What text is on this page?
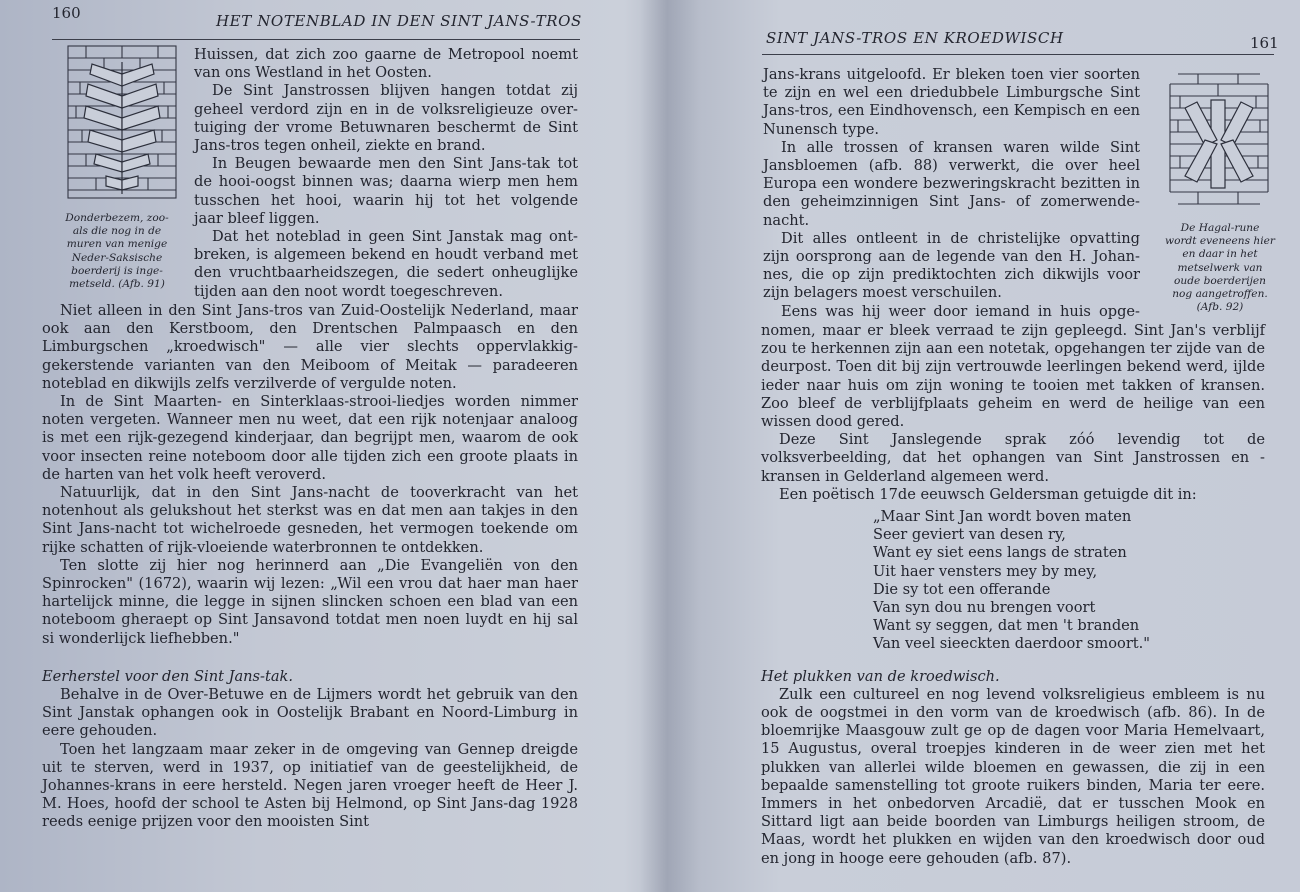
160	HET NOTENBLAD IN DEN SINT JANS-TROS
Donderbezem, zoo-
als die nog in de
muren van menige
Neder-Saksische
boerderij is inge-
metseld. (Afb. 91)

Huissen, dat zich zoo gaarne de Metropool noemt

van ons Westland in het Oosten.

De Sint Janstrossen blijven hangen totdat zij

geheel verdord zijn en in de volksreligieuze over-

tuiging der vrome Betuwnaren beschermt de Sint

Jans-tros tegen onheil, ziekte en brand.

In Beugen bewaarde men den Sint Jans-tak tot

de hooi-oogst binnen was; daarna wierp men hem

tusschen het hooi, waarin hij tot het volgende

jaar bleef liggen.

Dat het noteblad in geen Sint Janstak mag ont-

breken, is algemeen bekend en houdt verband met

den vruchtbaarheidszegen, die sedert onheuglijke

tijden aan den noot wordt toegeschreven.

Niet alleen in den Sint Jans-tros van Zuid-Oostelijk Nederland, maar ook aan den Kerstboom, den Drentschen Palmpaasch en den Limburgschen „kroedwisch" — alle vier slechts oppervlakkig-gekerstende varianten van den Meiboom of Meitak — paradeeren noteblad en dikwijls zelfs verzilverde of vergulde noten.

In de Sint Maarten- en Sinterklaas-strooi-liedjes worden nimmer noten vergeten. Wanneer men nu weet, dat een rijk notenjaar analoog is met een rijk-gezegend kinderjaar, dan begrijpt men, waarom de ook voor insecten reine noteboom door alle tijden zich een groote plaats in de harten van het volk heeft veroverd.

Natuurlijk, dat in den Sint Jans-nacht de tooverkracht van het notenhout als gelukshout het sterkst was en dat men aan takjes in den Sint Jans-nacht tot wichelroede gesneden, het vermogen toekende om rijke schatten of rijk-vloeiende waterbronnen te ontdekken.

Ten slotte zij hier nog herinnerd aan „Die Evangeliën von den Spinrocken" (1672), waarin wij lezen: „Wil een vrou dat haer man haer hartelijck minne, die legge in sijnen slincken schoen een blad van een noteboom gheraept op Sint Jansavond totdat men noen luydt en hij sal si wonderlijck liefhebben."

Eerherstel voor den Sint Jans-tak.

Behalve in de Over-Betuwe en de Lijmers wordt het gebruik van den Sint Janstak ophangen ook in Oostelijk Brabant en Noord-Limburg in eere gehouden.

Toen het langzaam maar zeker in de omgeving van Gennep dreigde uit te sterven, werd in 1937, op initiatief van de geestelijkheid, de Johannes-krans in eere hersteld. Negen jaren vroeger heeft de Heer J. M. Hoes, hoofd der school te Asten bij Helmond, op Sint Jans-dag 1928 reeds eenige prijzen voor den mooisten Sint

SINT JANS-TROS EN KROEDWISCH	161
De Hagal-rune
wordt eveneens hier
en daar in het
metselwerk van
oude boerderijen
nog aangetroffen.
(Afb. 92)

Jans-krans uitgeloofd. Er bleken toen vier soorten

te zijn en wel een driedubbele Limburgsche Sint

Jans-tros, een Eindhovensch, een Kempisch en een

Nunensch type.

In alle trossen of kransen waren wilde Sint

Jansbloemen (afb. 88) verwerkt, die over heel

Europa een wondere bezweringskracht bezitten in

den geheimzinnigen Sint Jans- of zomerwende-

nacht.

Dit alles ontleent in de christelijke opvatting

zijn oorsprong aan de legende van den H. Johan-

nes, die op zijn prediktochten zich dikwijls voor

zijn belagers moest verschuilen.

Eens was hij weer door iemand in huis opge-

nomen, maar er bleek verraad te zijn gepleegd. Sint Jan's verblijf zou te herkennen zijn aan een notetak, opgehangen ter zijde van de deurpost. Toen dit bij zijn vertrouwde leerlingen bekend werd, ijlde ieder naar huis om zijn woning te tooien met takken of kransen. Zoo bleef de verblijfplaats geheim en werd de heilige van een wissen dood gered.

Deze Sint Janslegende sprak zóó levendig tot de volksverbeelding, dat het ophangen van Sint Janstrossen en -kransen in Gelderland algemeen werd.

Een poëtisch 17de eeuwsch Geldersman getuigde dit in:

„Maar Sint Jan wordt boven maten
Seer geviert van desen ry,
Want ey siet eens langs de straten
Uit haer vensters mey by mey,
Die sy tot een offerande
Van syn dou nu brengen voort
Want sy seggen, dat men 't branden
Van veel sieeckten daerdoor smoort."

Het plukken van de kroedwisch.

Zulk een cultureel en nog levend volksreligieus embleem is nu ook de oogstmei in den vorm van de kroedwisch (afb. 86). In de bloemrijke Maasgouw zult ge op de dagen voor Maria Hemelvaart, 15 Augustus, overal troepjes kinderen in de weer zien met het plukken van allerlei wilde bloemen en gewassen, die zij in een bepaalde samenstelling tot groote ruikers binden, Maria ter eere. Immers in het onbedorven Arcadië, dat er tusschen Mook en Sittard ligt aan beide boorden van Limburgs heiligen stroom, de Maas, wordt het plukken en wijden van den kroedwisch door oud en jong in hooge eere gehouden (afb. 87).
